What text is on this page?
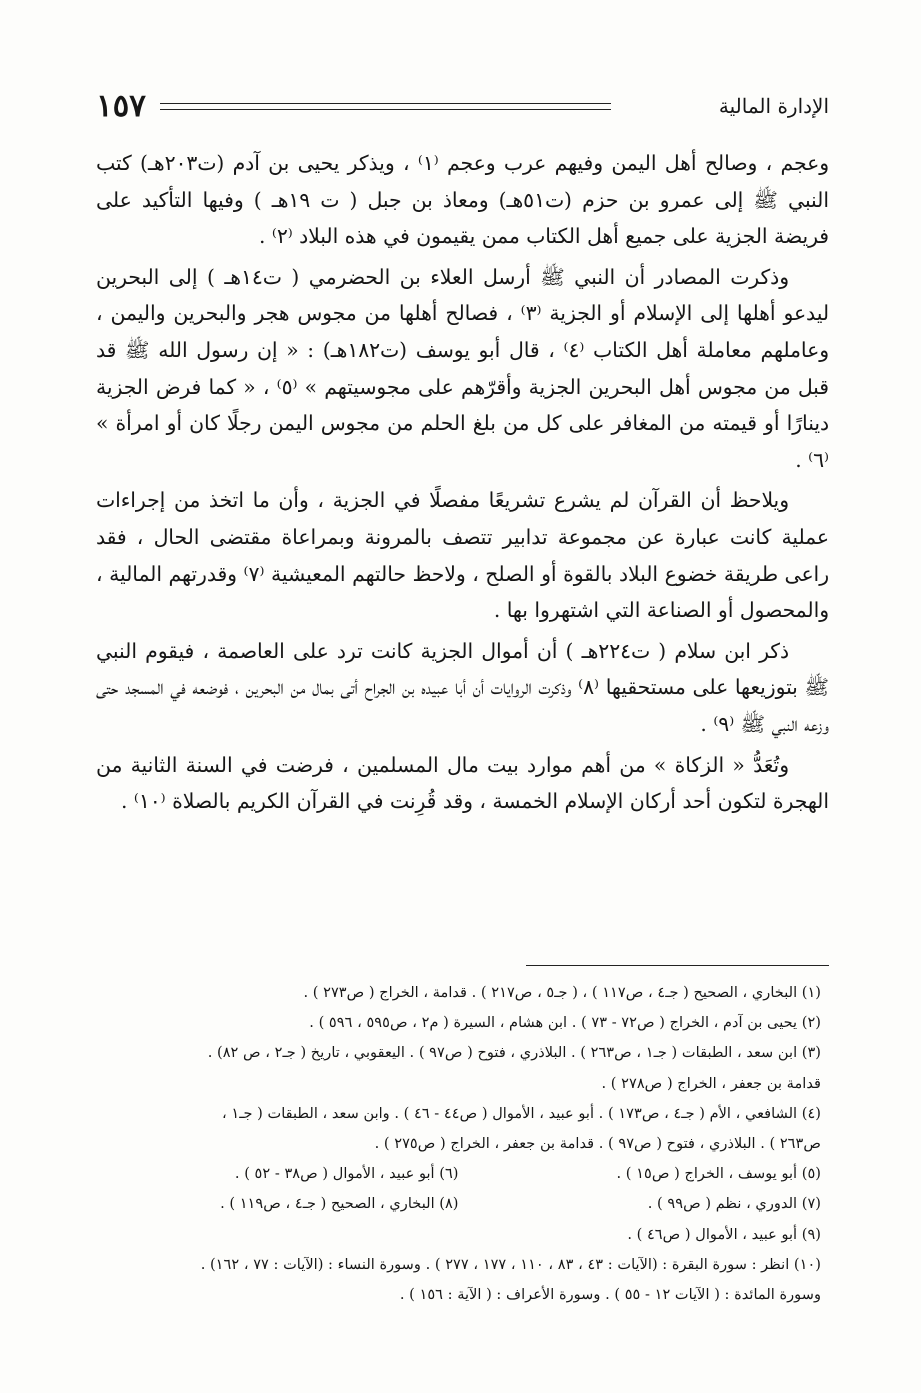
١٥٧	الإدارة المالية

وعجم ، وصالح أهل اليمن وفيهم عرب وعجم ⁽١⁾ ، ويذكر يحيى بن آدم (ت٢٠٣هـ) كتب النبي ﷺ إلى عمرو بن حزم (ت٥١هـ) ومعاذ بن جبل ( ت ١٩هـ ) وفيها التأكيد على فريضة الجزية على جميع أهل الكتاب ممن يقيمون في هذه البلاد ⁽٢⁾ .

وذكرت المصادر أن النبي ﷺ أرسل العلاء بن الحضرمي ( ت١٤هـ ) إلى البحرين ليدعو أهلها إلى الإسلام أو الجزية ⁽٣⁾ ، فصالح أهلها من مجوس هجر والبحرين واليمن ، وعاملهم معاملة أهل الكتاب ⁽٤⁾ ، قال أبو يوسف (ت١٨٢هـ) : « إن رسول الله ﷺ قد قبل من مجوس أهل البحرين الجزية وأقرّهم على مجوسيتهم » ⁽٥⁾ ، « كما فرض الجزية دينارًا أو قيمته من المغافر على كل من بلغ الحلم من مجوس اليمن رجلًا كان أو امرأة » ⁽٦⁾ .

ويلاحظ أن القرآن لم يشرع تشريعًا مفصلًا في الجزية ، وأن ما اتخذ من إجراءات عملية كانت عبارة عن مجموعة تدابير تتصف بالمرونة وبمراعاة مقتضى الحال ، فقد راعى طريقة خضوع البلاد بالقوة أو الصلح ، ولاحظ حالتهم المعيشية ⁽٧⁾ وقدرتهم المالية ، والمحصول أو الصناعة التي اشتهروا بها .

ذكر ابن سلام ( ت٢٢٤هـ ) أن أموال الجزية كانت ترد على العاصمة ، فيقوم النبي ﷺ بتوزيعها على مستحقيها ⁽٨⁾ وذكرت الروايات أن أبا عبيده بن الجراح أتى بمال من البحرين ، فوضعه في المسجد حتى وزعه النبي ﷺ ⁽٩⁾ .

وتُعَدُّ « الزكاة » من أهم موارد بيت مال المسلمين ، فرضت في السنة الثانية من الهجرة لتكون أحد أركان الإسلام الخمسة ، وقد قُرِنت في القرآن الكريم بالصلاة ⁽١٠⁾ .

(١) البخاري ، الصحيح ( جـ٤ ، ص١١٧ ) ، ( جـ٥ ، ص٢١٧ ) . قدامة ، الخراج ( ص٢٧٣ ) .

(٢) يحيى بن آدم ، الخراج ( ص٧٢ - ٧٣ ) . ابن هشام ، السيرة ( م٢ ، ص٥٩٥ ، ٥٩٦ ) .

(٣) ابن سعد ، الطبقات ( جـ١ ، ص٢٦٣ ) . البلاذري ، فتوح ( ص٩٧ ) . اليعقوبي ، تاريخ ( جـ٢ ، ص ٨٢) .

قدامة بن جعفر ، الخراج ( ص٢٧٨ ) .

(٤) الشافعي ، الأم ( جـ٤ ، ص١٧٣ ) . أبو عبيد ، الأموال ( ص٤٤ - ٤٦ ) . وابن سعد ، الطبقات ( جـ١ ،

ص٢٦٣ ) . البلاذري ، فتوح ( ص٩٧ ) . قدامة بن جعفر ، الخراج ( ص٢٧٥ ) .

(٥) أبو يوسف ، الخراج ( ص١٥ ) .

(٦) أبو عبيد ، الأموال ( ص٣٨ - ٥٢ ) .

(٧) الدوري ، نظم ( ص٩٩ ) .

(٨) البخاري ، الصحيح ( جـ٤ ، ص١١٩ ) .

(٩) أبو عبيد ، الأموال ( ص٤٦ ) .

(١٠) انظر : سورة البقرة : (الآيات : ٤٣ ، ٨٣ ، ١١٠ ، ١٧٧ ، ٢٧٧ ) . وسورة النساء : (الآيات : ٧٧ ، ١٦٢) .

وسورة المائدة : ( الآيات ١٢ - ٥٥ ) . وسورة الأعراف : ( الآية : ١٥٦ ) .
